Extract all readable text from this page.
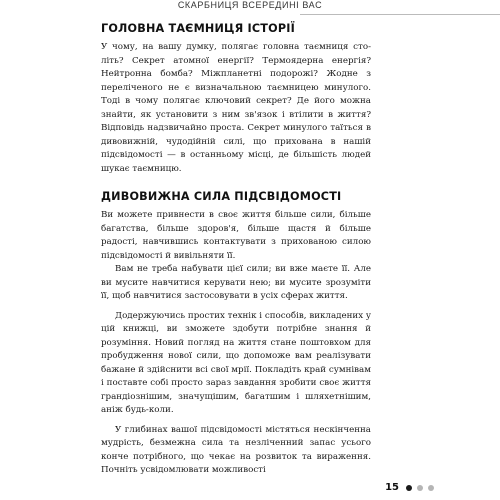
СКАРБНИЦЯ ВСЕРЕДИНІ ВАС
ГОЛОВНА ТАЄМНИЦЯ ІСТОРІЇ

У чому, на вашу думку, полягає головна таємниця століть? Секрет атомної енергії? Термоядерна енергія? Нейтронна бомба? Міжпланетні подорожі? Жодне з переліченого не є визначальною таємницею минулого. Тоді в чому полягає ключовий секрет? Де його можна знайти, як установити з ним зв'язок і втілити в життя? Відповідь надзвичайно проста. Секрет минулого таїться в дивовижній, чудодійній силі, що прихована в нашій підсвідомості — в останньому місці, де більшість людей шукає таємницю.

ДИВОВИЖНА СИЛА ПІДСВІДОМОСТІ

Ви можете привнести в своє життя більше сили, більше багатства, більше здоров'я, більше щастя й більше радості, навчившись контактувати з прихованою силою підсвідомості й вивільняти її.

Вам не треба набувати цієї сили; ви вже маєте її. Але ви мусите навчитися керувати нею; ви мусите зрозуміти її, щоб навчитися застосовувати в усіх сферах життя.

Додержуючись простих технік і способів, викладених у цій книжці, ви зможете здобути потрібне знання й розуміння. Новий погляд на життя стане поштовхом для пробудження нової сили, що допоможе вам реалізувати бажане й здійснити всі свої мрії. Покладіть край сумнівам і поставте собі просто зараз завдання зробити своє життя грандіознішим, значущішим, багатшим і шляхетнішим, аніж будь-коли.

У глибинах вашої підсвідомості містяться нескінченна мудрість, безмежна сила та незліченний запас усього конче потрібного, що чекає на розвиток та вираження. Почніть усвідомлювати можливості

15
